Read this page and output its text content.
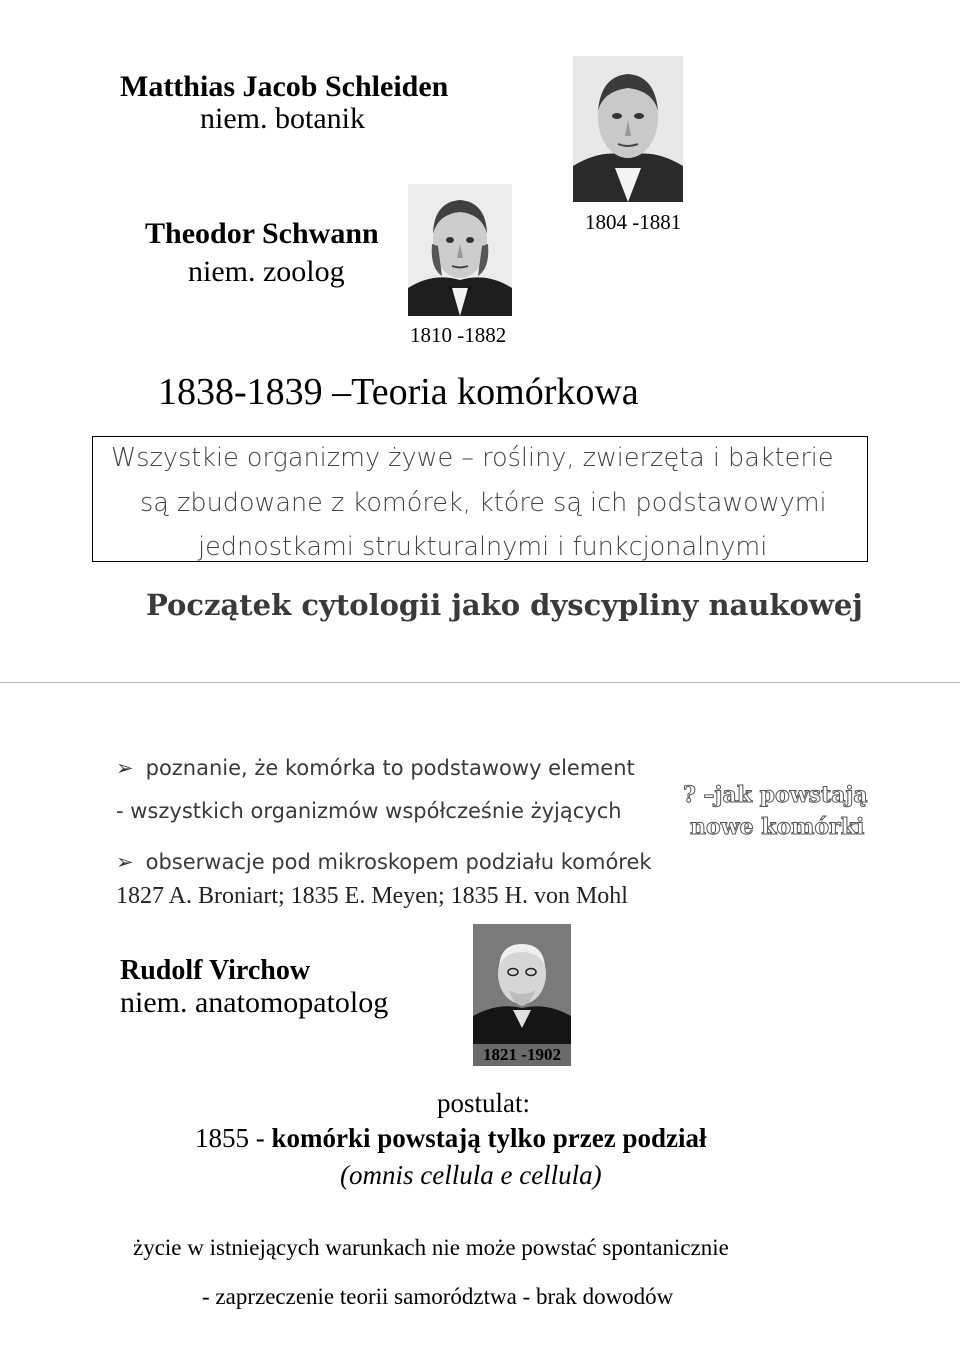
Matthias Jacob Schleiden
niem. botanik
1804 -1881
Theodor Schwann
niem. zoolog
1810 -1882
1838-1839 –Teoria komórkowa
Wszystkie organizmy żywe – rośliny, zwierzęta i bakterie
są zbudowane z komórek, które są ich podstawowymi
jednostkami strukturalnymi i funkcjonalnymi
Początek cytologii jako dyscypliny naukowej
➢ poznanie, że komórka to podstawowy element
- wszystkich organizmów współcześnie żyjących
➢ obserwacje pod mikroskopem podziału komórek
1827 A. Broniart; 1835 E. Meyen; 1835 H. von Mohl
? –jak powstają
nowe komórki
Rudolf Virchow
niem. anatomopatolog
1821 -1902
postulat:
1855 - komórki powstają tylko przez podział
(omnis cellula e cellula)
życie w istniejących warunkach nie może powstać spontanicznie
- zaprzeczenie teorii samorództwa - brak dowodów
